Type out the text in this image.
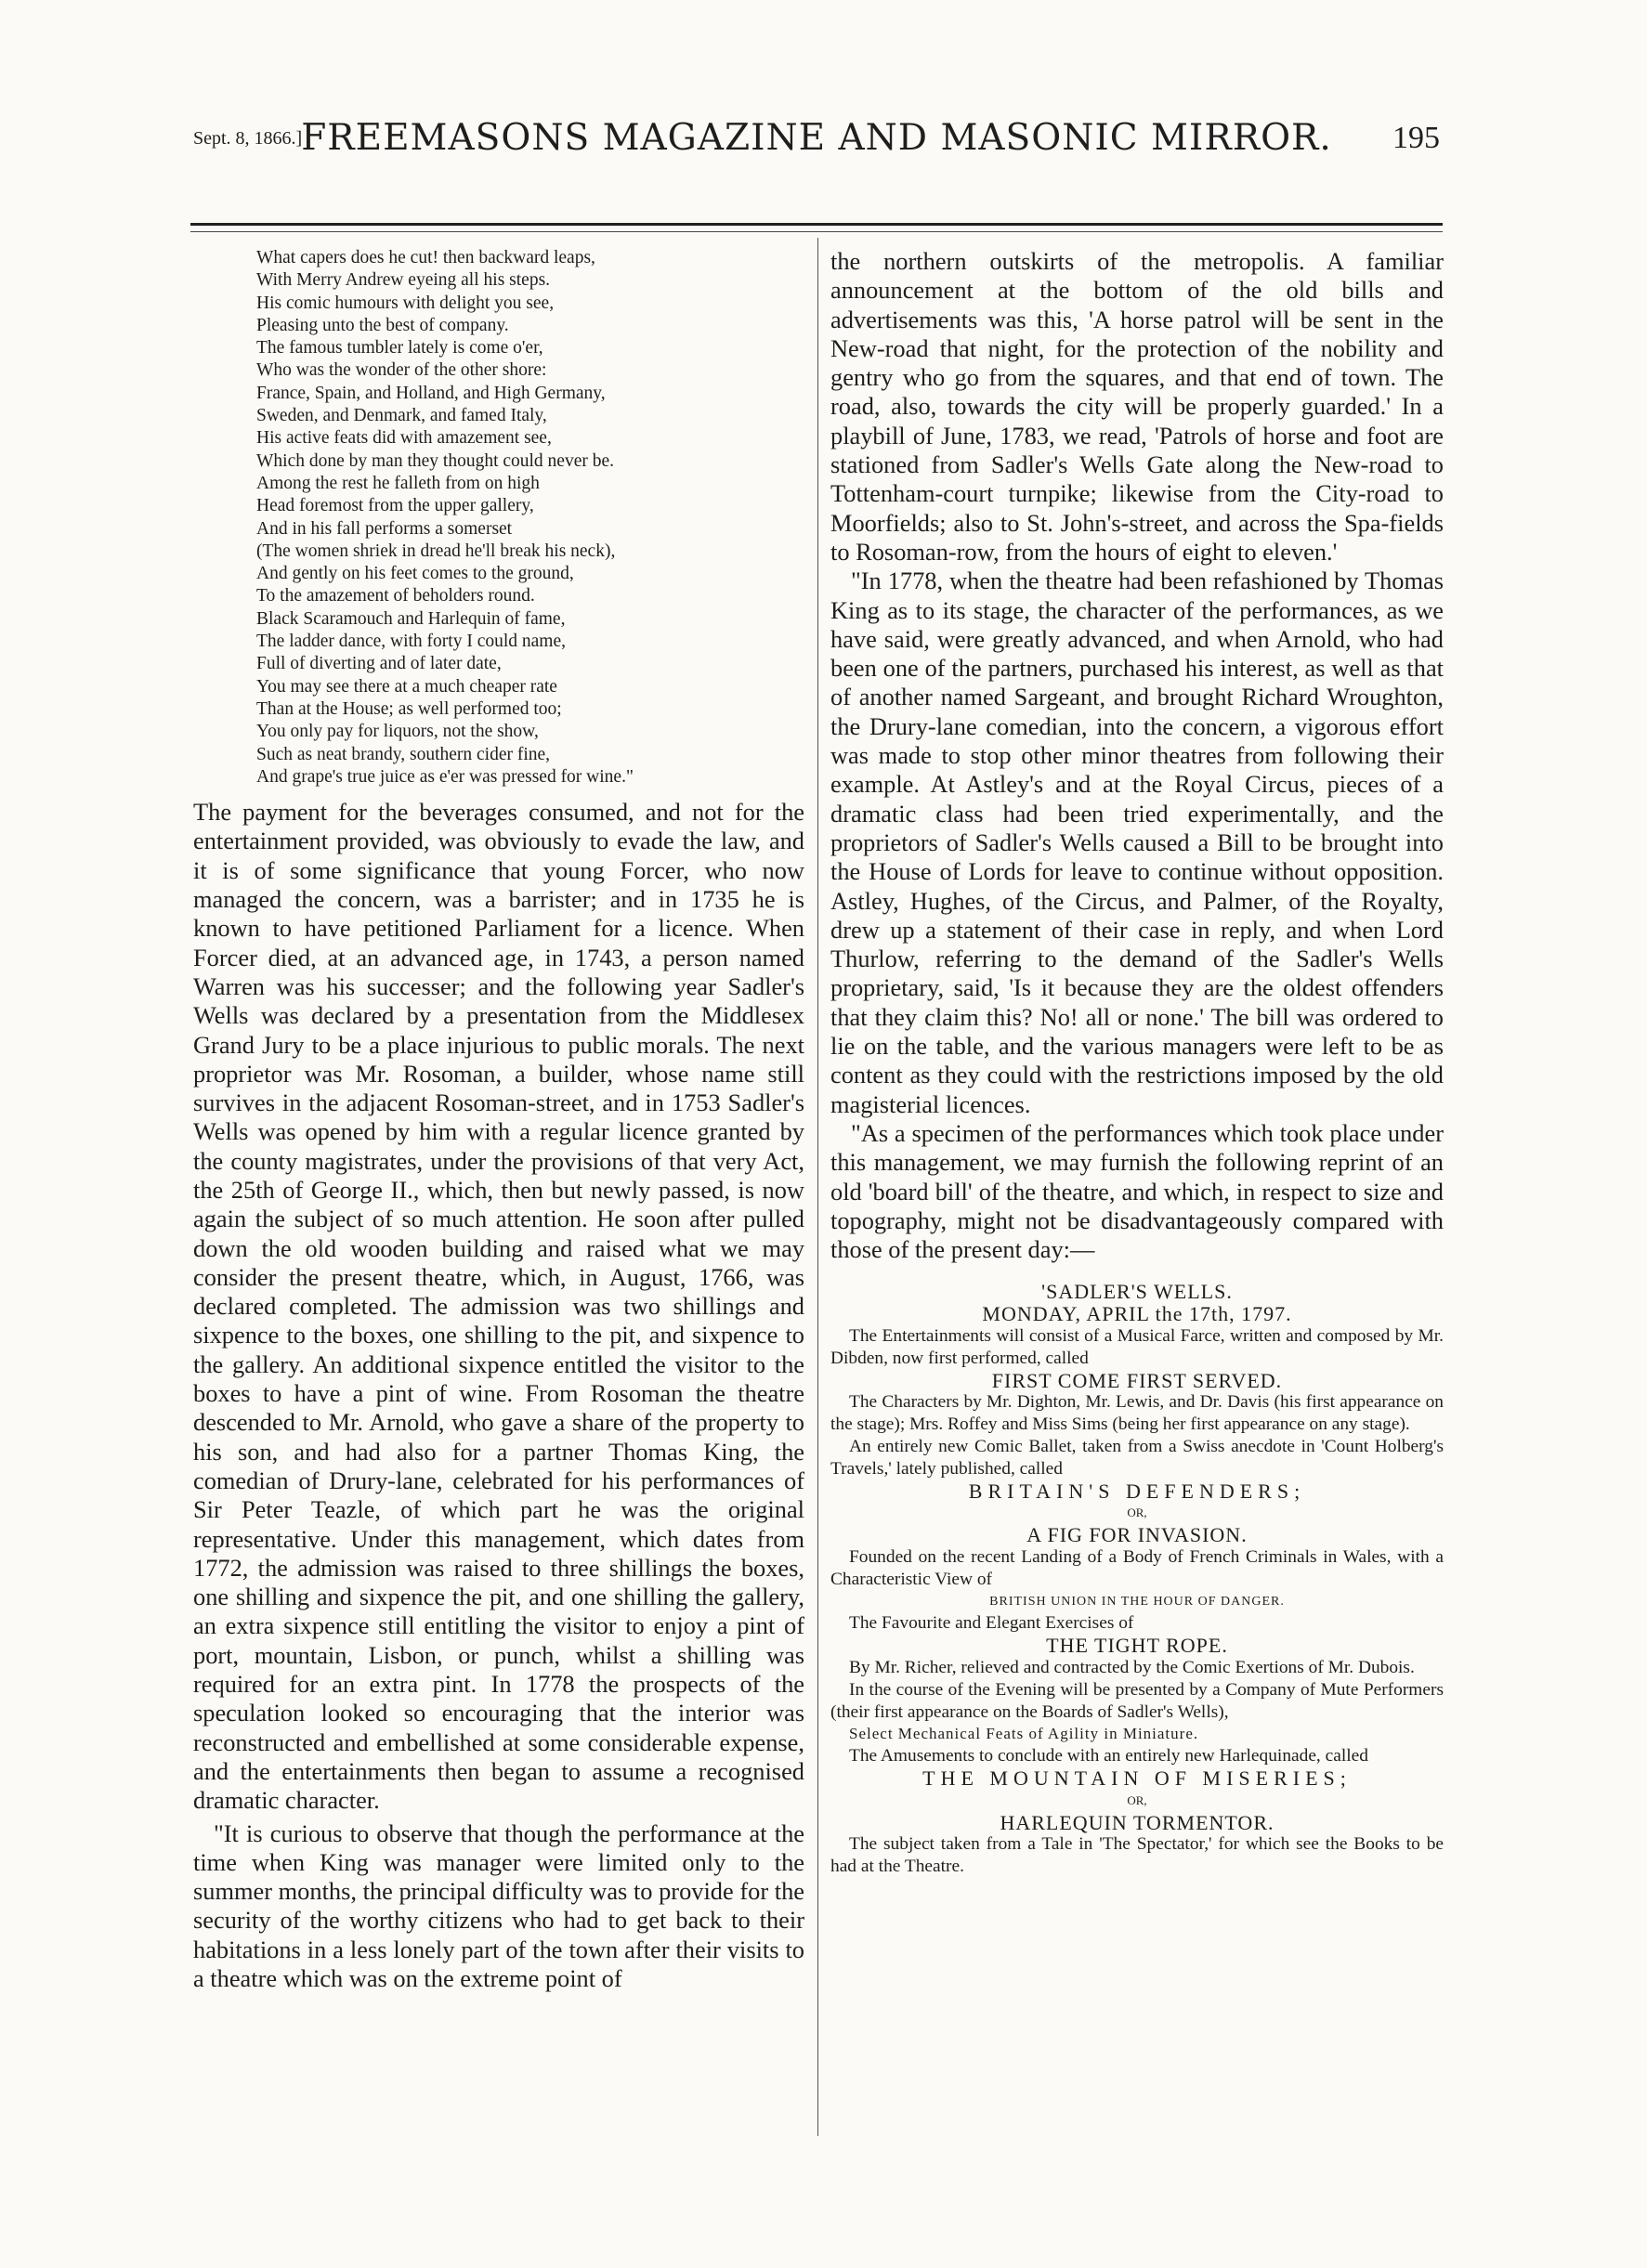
Sept. 8, 1866.]
FREEMASONS MAGAZINE AND MASONIC MIRROR.	195
What capers does he cut! then backward leaps,
With Merry Andrew eyeing all his steps.
His comic humours with delight you see,
Pleasing unto the best of company.
The famous tumbler lately is come o'er,
Who was the wonder of the other shore:
France, Spain, and Holland, and High Germany,
Sweden, and Denmark, and famed Italy,
His active feats did with amazement see,
Which done by man they thought could never be.
Among the rest he falleth from on high
Head foremost from the upper gallery,
And in his fall performs a somerset
(The women shriek in dread he'll break his neck),
And gently on his feet comes to the ground,
To the amazement of beholders round.
Black Scaramouch and Harlequin of fame,
The ladder dance, with forty I could name,
Full of diverting and of later date,
You may see there at a much cheaper rate
Than at the House; as well performed too;
You only pay for liquors, not the show,
Such as neat brandy, southern cider fine,
And grape's true juice as e'er was pressed for wine."

The payment for the beverages consumed, and not for the entertainment provided, was obviously to evade the law, and it is of some significance that young Forcer, who now managed the concern, was a barrister; and in 1735 he is known to have petitioned Parliament for a licence. When Forcer died, at an advanced age, in 1743, a person named Warren was his successer; and the following year Sadler's Wells was declared by a presentation from the Middlesex Grand Jury to be a place injurious to public morals. The next proprietor was Mr. Rosoman, a builder, whose name still survives in the adjacent Rosoman-street, and in 1753 Sadler's Wells was opened by him with a regular licence granted by the county magistrates, under the provisions of that very Act, the 25th of George II., which, then but newly passed, is now again the subject of so much attention. He soon after pulled down the old wooden building and raised what we may consider the present theatre, which, in August, 1766, was declared completed. The admission was two shillings and sixpence to the boxes, one shilling to the pit, and sixpence to the gallery. An additional sixpence entitled the visitor to the boxes to have a pint of wine. From Rosoman the theatre descended to Mr. Arnold, who gave a share of the property to his son, and had also for a partner Thomas King, the comedian of Drury-lane, celebrated for his performances of Sir Peter Teazle, of which part he was the original representative. Under this management, which dates from 1772, the admission was raised to three shillings the boxes, one shilling and sixpence the pit, and one shilling the gallery, an extra sixpence still entitling the visitor to enjoy a pint of port, mountain, Lisbon, or punch, whilst a shilling was required for an extra pint. In 1778 the prospects of the speculation looked so encouraging that the interior was reconstructed and embellished at some considerable expense, and the entertainments then began to assume a recognised dramatic character.

"It is curious to observe that though the performance at the time when King was manager were limited only to the summer months, the principal difficulty was to provide for the security of the worthy citizens who had to get back to their habitations in a less lonely part of the town after their visits to a theatre which was on the extreme point of

the northern outskirts of the metropolis. A familiar announcement at the bottom of the old bills and advertisements was this, 'A horse patrol will be sent in the New-road that night, for the protection of the nobility and gentry who go from the squares, and that end of town. The road, also, towards the city will be properly guarded.' In a playbill of June, 1783, we read, 'Patrols of horse and foot are stationed from Sadler's Wells Gate along the New-road to Tottenham-court turnpike; likewise from the City-road to Moorfields; also to St. John's-street, and across the Spa-fields to Rosoman-row, from the hours of eight to eleven.'

"In 1778, when the theatre had been refashioned by Thomas King as to its stage, the character of the performances, as we have said, were greatly advanced, and when Arnold, who had been one of the partners, purchased his interest, as well as that of another named Sargeant, and brought Richard Wroughton, the Drury-lane comedian, into the concern, a vigorous effort was made to stop other minor theatres from following their example. At Astley's and at the Royal Circus, pieces of a dramatic class had been tried experimentally, and the proprietors of Sadler's Wells caused a Bill to be brought into the House of Lords for leave to continue without opposition. Astley, Hughes, of the Circus, and Palmer, of the Royalty, drew up a statement of their case in reply, and when Lord Thurlow, referring to the demand of the Sadler's Wells proprietary, said, 'Is it because they are the oldest offenders that they claim this? No! all or none.' The bill was ordered to lie on the table, and the various managers were left to be as content as they could with the restrictions imposed by the old magisterial licences.

"As a specimen of the performances which took place under this management, we may furnish the following reprint of an old 'board bill' of the theatre, and which, in respect to size and topography, might not be disadvantageously compared with those of the present day:—

'SADLER'S WELLS.
MONDAY, APRIL the 17th, 1797.
The Entertainments will consist of a Musical Farce, written and composed by Mr. Dibden, now first performed, called
FIRST COME FIRST SERVED.
The Characters by Mr. Dighton, Mr. Lewis, and Dr. Davis (his first appearance on the stage); Mrs. Roffey and Miss Sims (being her first appearance on any stage).
An entirely new Comic Ballet, taken from a Swiss anecdote in 'Count Holberg's Travels,' lately published, called
BRITAIN'S DEFENDERS;
OR,
A FIG FOR INVASION.
Founded on the recent Landing of a Body of French Criminals in Wales, with a Characteristic View of
BRITISH UNION IN THE HOUR OF DANGER.
The Favourite and Elegant Exercises of
THE TIGHT ROPE.
By Mr. Richer, relieved and contracted by the Comic Exertions of Mr. Dubois.
In the course of the Evening will be presented by a Company of Mute Performers (their first appearance on the Boards of Sadler's Wells),
Select Mechanical Feats of Agility in Miniature.
The Amusements to conclude with an entirely new Harlequinade, called
THE MOUNTAIN OF MISERIES;
OR,
HARLEQUIN TORMENTOR.
The subject taken from a Tale in 'The Spectator,' for which see the Books to be had at the Theatre.
